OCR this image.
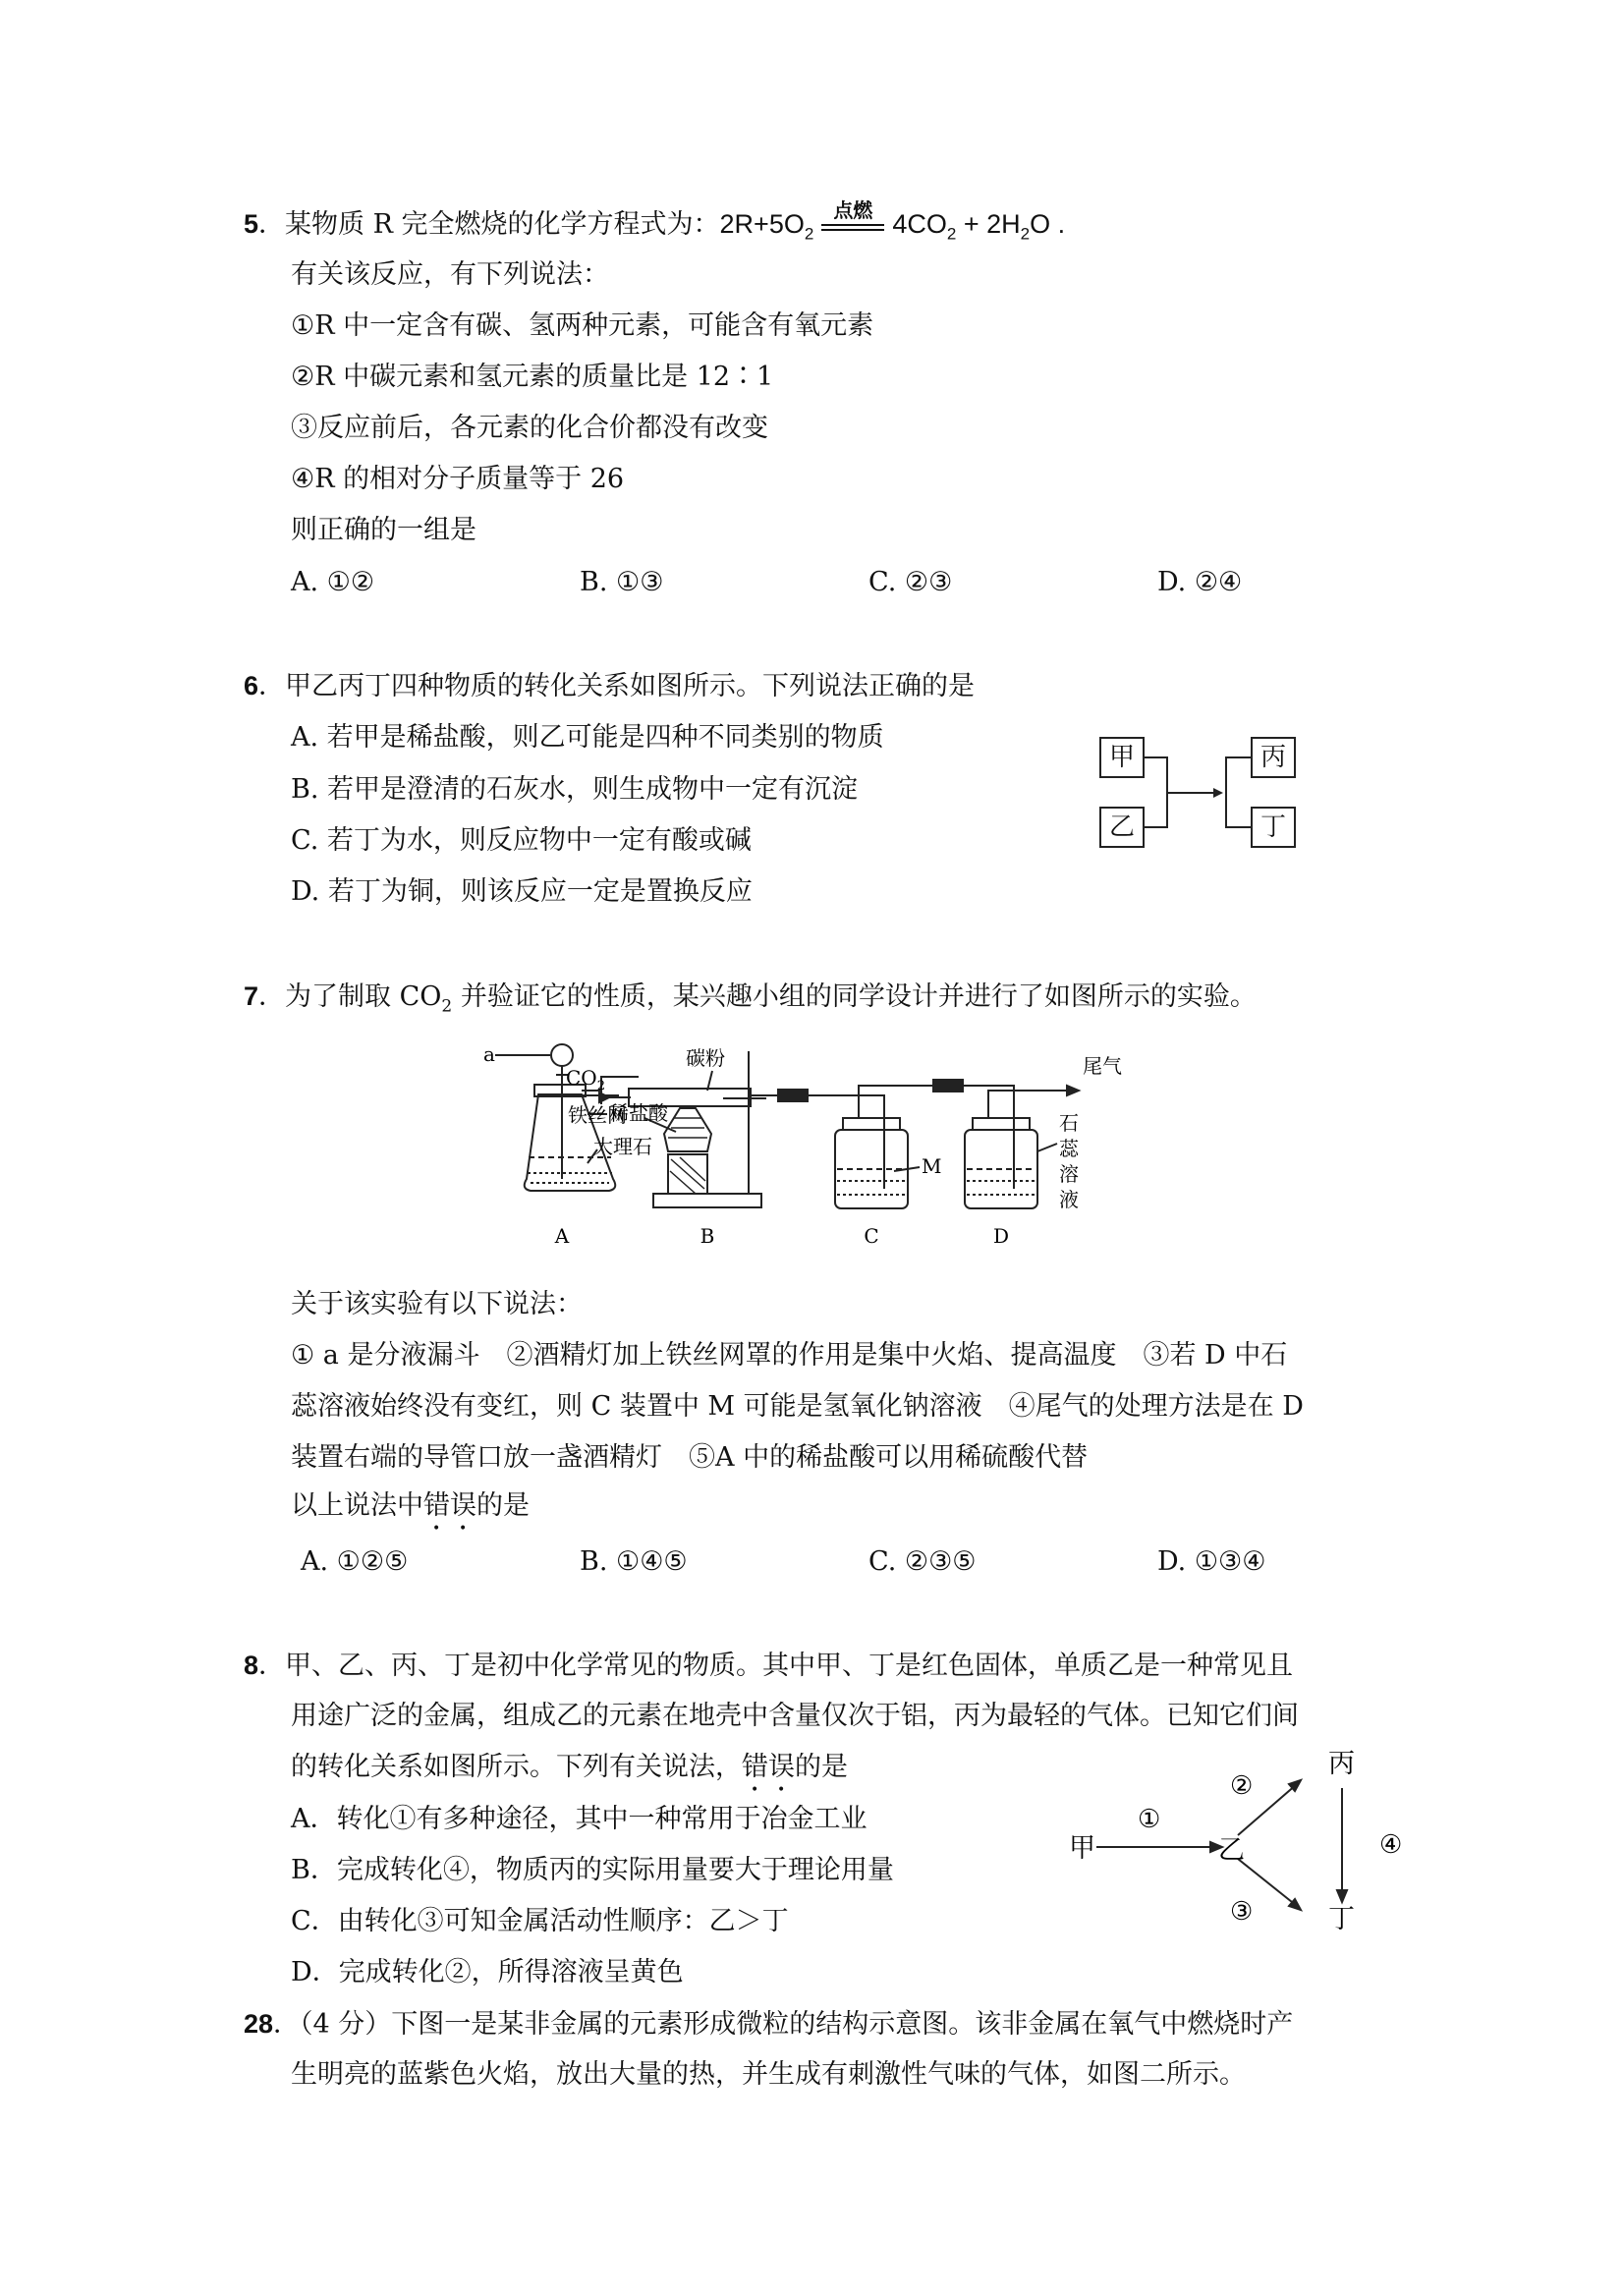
5．某物质 R 完全燃烧的化学方程式为：$2R+5O_2$
点燃 $4CO_2 + 2H_2O$ .
有关该反应，有下列说法：
①R 中一定含有碳、氢两种元素，可能含有氧元素
②R 中碳元素和氢元素的质量比是 12∶1
③反应前后，各元素的化合价都没有改变
④R 的相对分子质量等于 26
则正确的一组是
A. ①②	B. ①③	C. ②③	D. ②④
6．甲乙丙丁四种物质的转化关系如图所示。下列说法正确的是
A. 若甲是稀盐酸，则乙可能是四种不同类别的物质
B. 若甲是澄清的石灰水，则生成物中一定有沉淀
C. 若丁为水，则反应物中一定有酸或碱
D. 若丁为铜，则该反应一定是置换反应
甲
乙
丙
丁
7．为了制取 $CO_2$ 并验证它的性质，某兴趣小组的同学设计并进行了如图所示的实验。
a
$CO_2$
碳粉	尾气
稀盐酸
大理石
铁丝网
M
石
蕊
溶
液
A	B	C	D
关于该实验有以下说法：
① a 是分液漏斗　②酒精灯加上铁丝网罩的作用是集中火焰、提高温度　③若 D 中石
蕊溶液始终没有变红，则 C 装置中 M 可能是氢氧化钠溶液　④尾气的处理方法是在 D
装置右端的导管口放一盏酒精灯　⑤A 中的稀盐酸可以用稀硫酸代替
以上说法中错误的是
A. ①②⑤	B. ①④⑤	C. ②③⑤	D. ①③④
8．甲、乙、丙、丁是初中化学常见的物质。其中甲、丁是红色固体，单质乙是一种常见且
用途广泛的金属，组成乙的元素在地壳中含量仅次于铝，丙为最轻的气体。已知它们间
的转化关系如图所示。下列有关说法，错误的是
A．转化①有多种途径，其中一种常用于冶金工业
B．完成转化④，物质丙的实际用量要大于理论用量
C．由转化③可知金属活动性顺序：乙＞丁
D．完成转化②，所得溶液呈黄色
甲	乙
丙
丁
①
②
③
④
28．（4 分）下图一是某非金属的元素形成微粒的结构示意图。该非金属在氧气中燃烧时产
生明亮的蓝紫色火焰，放出大量的热，并生成有刺激性气味的气体，如图二所示。
